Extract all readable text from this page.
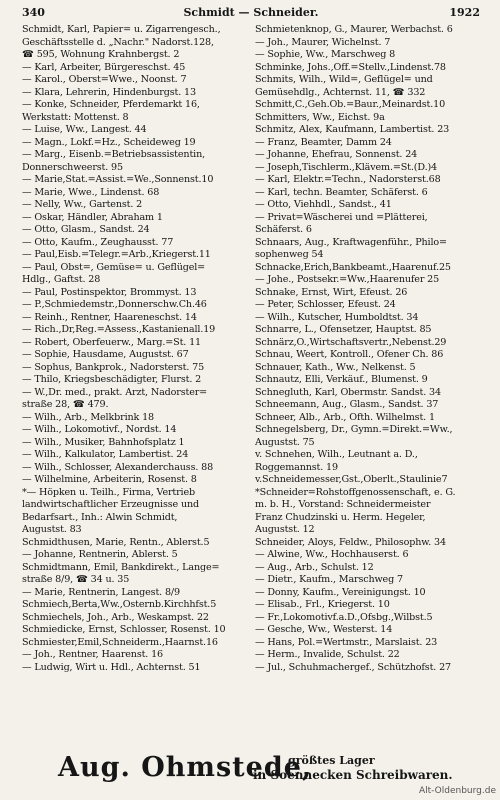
340	Schmidt — Schneider.	1922
Schmidt, Karl, Papier= u. Zigarrengesch.,
Geschäftsstelle d. „Nachr." Nadorst.128,
☎ 595, Wohnung Krahnbergst. 2
— Karl, Arbeiter, Bürgereschst. 45
— Karol., Oberst=Wwe., Noonst. 7
— Klara, Lehrerin, Hindenburgst. 13
— Konke, Schneider, Pferdemarkt 16,
Werkstatt: Mottenst. 8
— Luise, Ww., Langest. 44
— Magn., Lokf.=Hz., Scheideweg 19
— Marg., Eisenb.=Betriebsassistentin,
Donnerschweerst. 95
— Marie,Stat.=Assist.=We.,Sonnenst.10
— Marie, Wwe., Lindenst. 68
— Nelly, Ww., Gartenst. 2
— Oskar, Händler, Abraham 1
— Otto, Glasm., Sandst. 24
— Otto, Kaufm., Zeughausst. 77
— Paul,Eisb.=Telegr.=Arb.,Kriegerst.11
— Paul, Obst=, Gemüse= u. Geflügel=
Hdlg., Gaftst. 28
— Paul, Postinspektor, Brommyst. 13
— P.,Schmiedemstr.,Donnerschw.Ch.46
— Reinh., Rentner, Haareneschst. 14
— Rich.,Dr,Reg.=Assess.,Kastanienall.19
— Robert, Oberfeuerw., Marg.=St. 11
— Sophie, Hausdame, Augustst. 67
— Sophus, Bankprok., Nadorsterst. 75
— Thilo, Kriegsbeschädigter, Flurst. 2
— W.,Dr. med., prakt. Arzt, Nadorster=
straße 28, ☎ 479.
— Wilh., Arb., Melkbrink 18
— Wilh., Lokomotivf., Nordst. 14
— Wilh., Musiker, Bahnhofsplatz 1
— Wilh., Kalkulator, Lambertist. 24
— Wilh., Schlosser, Alexanderchauss. 88
— Wilhelmine, Arbeiterin, Rosenst. 8
*— Höpken u. Teilh., Firma, Vertrieb
landwirtschaftlicher Erzeugnisse und
Bedarfsart., Inh.: Alwin Schmidt,
Augustst. 83
Schmidthusen, Marie, Rentn., Ablerst.5
— Johanne, Rentnerin, Ablerst. 5
Schmidtmann, Emil, Bankdirekt., Lange=
straße 8/9, ☎ 34 u. 35
— Marie, Rentnerin, Langest. 8/9
Schmiech,Berta,Ww.,Osternb.Kirchhfst.5
Schmiechels, Joh., Arb., Weskampst. 22
Schmiedicke, Ernst, Schlosser, Rosenst. 10
Schmiester,Emil,Schneiderm.,Haarnst.16
— Joh., Rentner, Haarenst. 16
— Ludwig, Wirt u. Hdl., Achternst. 51
Schmietenknop, G., Maurer, Werbachst. 6
— Joh., Maurer, Wichelnst. 7
— Sophie, Ww., Marschweg 8
Schminke, Johs.,Off.=Stellv.,Lindenst.78
Schmits, Wilh., Wild=, Geflügel= und
Gemüsehdlg., Achternst. 11, ☎ 332
Schmitt,C.,Geh.Ob.=Baur.,Meinardst.10
Schmitters, Ww., Eichst. 9a
Schmitz, Alex, Kaufmann, Lambertist. 23
— Franz, Beamter, Damm 24
— Johanne, Ehefrau, Sonnenst. 24
— Joseph,Tischlerm.,Klävem.=St.(D.)4
— Karl, Elektr.=Techn., Nadorsterst.68
— Karl, techn. Beamter, Schäferst. 6
— Otto, Viehhdl., Sandst., 41
— Privat=Wäscherei und =Plätterei,
Schäferst. 6
Schnaars, Aug., Kraftwagenführ., Philo=
sophenweg 54
Schnacke,Erich,Bankbeamt.,Haarenuf.25
— Johe., Postsekr.=Ww.,Haarenufer 25
Schnake, Ernst, Wirt, Efeust. 26
— Peter, Schlosser, Efeust. 24
— Wilh., Kutscher, Humboldtst. 34
Schnarre, L., Ofensetzer, Hauptst. 85
Schnärz,O.,Wirtschaftsvertr.,Nebenst.29
Schnau, Weert, Kontroll., Ofener Ch. 86
Schnauer, Kath., Ww., Nelkenst. 5
Schnautz, Elli, Verkäuf., Blumenst. 9
Schnegluth, Karl, Obermstr. Sandst. 34
Schneemann, Aug., Glasm., Sandst. 37
Schneer, Alb., Arb., Ofth. Wilhelmst. 1
Schnegelsberg, Dr., Gymn.=Direkt.=Ww.,
Augustst. 75
v. Schnehen, Wilh., Leutnant a. D.,
Roggemannst. 19
v.Schneidemesser,Gst.,Oberlt.,Staulinie7
*Schneider=Rohstoffgenossenschaft, e. G.
m. b. H., Vorstand: Schneidermeister
Franz Chudzinski u. Herm. Hegeler,
Augustst. 12
Schneider, Aloys, Feldw., Philosophw. 34
— Alwine, Ww., Hochhauserst. 6
— Aug., Arb., Schulst. 12
— Dietr., Kaufm., Marschweg 7
— Donny, Kaufm., Vereinigungst. 10
— Elisab., Frl., Kriegerst. 10
— Fr.,Lokomotivf.a.D.,Ofsbg.,Wilbst.5
— Gesche, Ww., Westerst. 14
— Hans, Pol.=Wertmstr., Marslaist. 23
— Herm., Invalide, Schulst. 22
— Jul., Schuhmachergef., Schützhofst. 27
Aug. Ohmstede,
größtes Lager
in Soennecken Schreibwaren.
Alt-Oldenburg.de
